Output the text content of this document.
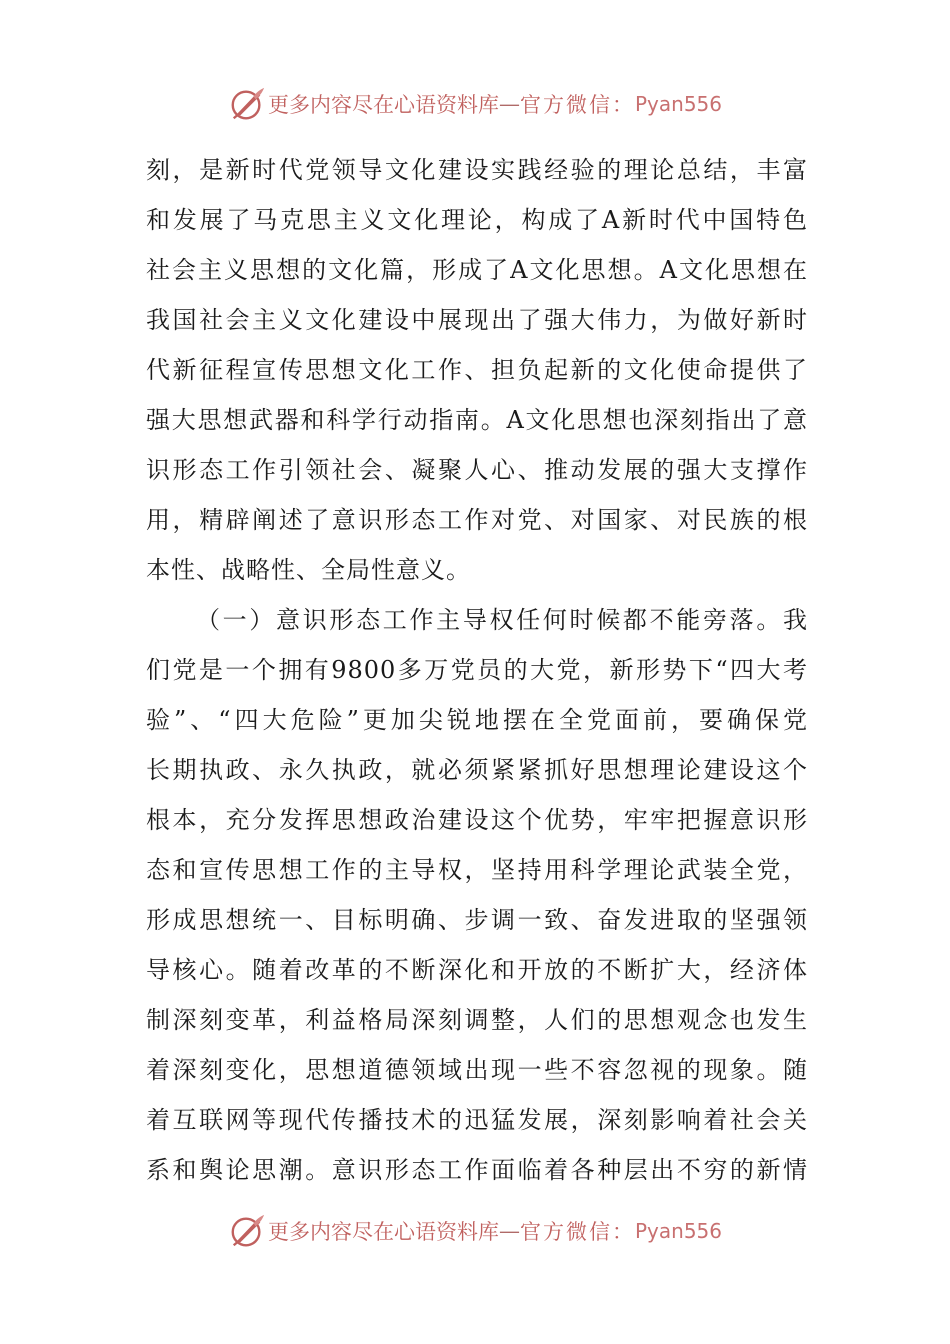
更多内容尽在心语资料库 — 官方微信： Pyan556
刻，是新时代党领导文化建设实践经验的理论总结，丰富
和发展了马克思主义文化理论，构成了A新时代中国特色
社会主义思想的文化篇，形成了A文化思想。A文化思想在
我国社会主义文化建设中展现出了强大伟力，为做好新时
代新征程宣传思想文化工作、担负起新的文化使命提供了
强大思想武器和科学行动指南。A文化思想也深刻指出了意
识形态工作引领社会、凝聚人心、推动发展的强大支撑作
用，精辟阐述了意识形态工作对党、对国家、对民族的根
本性、战略性、全局性意义。
（一）意识形态工作主导权任何时候都不能旁落。我
们党是一个拥有9800多万党员的大党，新形势下“四大考
验”、“四大危险”更加尖锐地摆在全党面前，要确保党
长期执政、永久执政，就必须紧紧抓好思想理论建设这个
根本，充分发挥思想政治建设这个优势，牢牢把握意识形
态和宣传思想工作的主导权，坚持用科学理论武装全党，
形成思想统一、目标明确、步调一致、奋发进取的坚强领
导核心。随着改革的不断深化和开放的不断扩大，经济体
制深刻变革，利益格局深刻调整，人们的思想观念也发生
着深刻变化，思想道德领域出现一些不容忽视的现象。随
着互联网等现代传播技术的迅猛发展，深刻影响着社会关
系和舆论思潮。意识形态工作面临着各种层出不穷的新情
更多内容尽在心语资料库 — 官方微信： Pyan556
